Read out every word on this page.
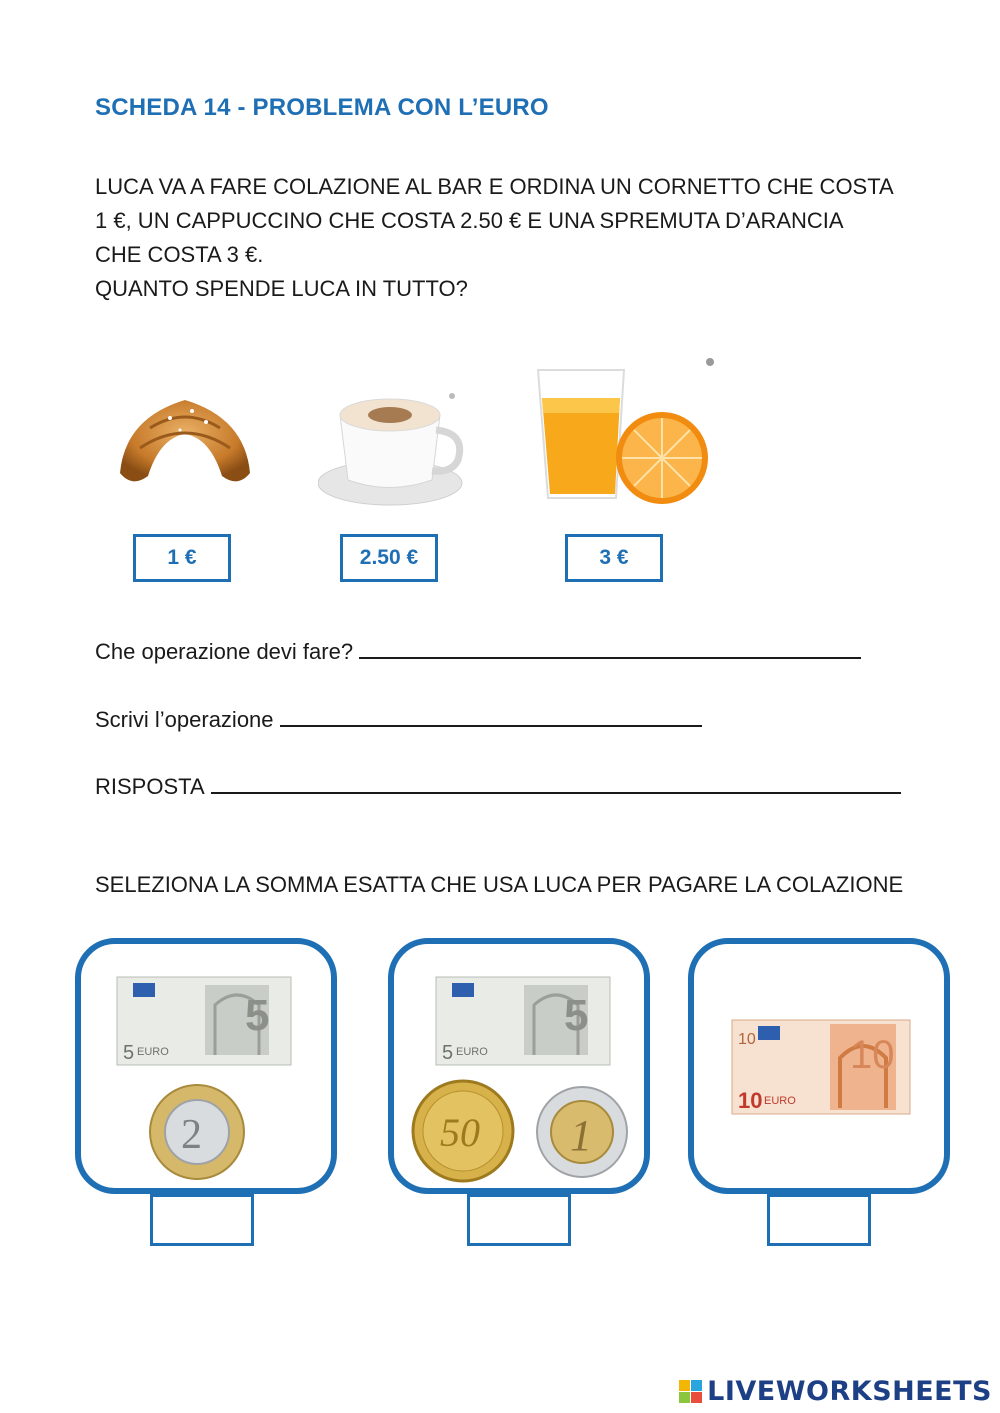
SCHEDA 14 - PROBLEMA CON L’EURO
LUCA VA A FARE COLAZIONE AL BAR E ORDINA UN CORNETTO CHE COSTA
1 €, UN CAPPUCCINO CHE COSTA 2.50 € E UNA SPREMUTA D’ARANCIA
CHE COSTA 3 €.
QUANTO SPENDE LUCA IN TUTTO?
1 €	2.50 €	3 €
Che operazione devi fare?
Scrivi l’operazione
RISPOSTA
SELEZIONA LA SOMMA ESATTA CHE USA LUCA PER PAGARE LA COLAZIONE
5
5 EURO
2
5
5 EURO
50 1
10
10
10 EURO
LIVEWORKSHEETS
